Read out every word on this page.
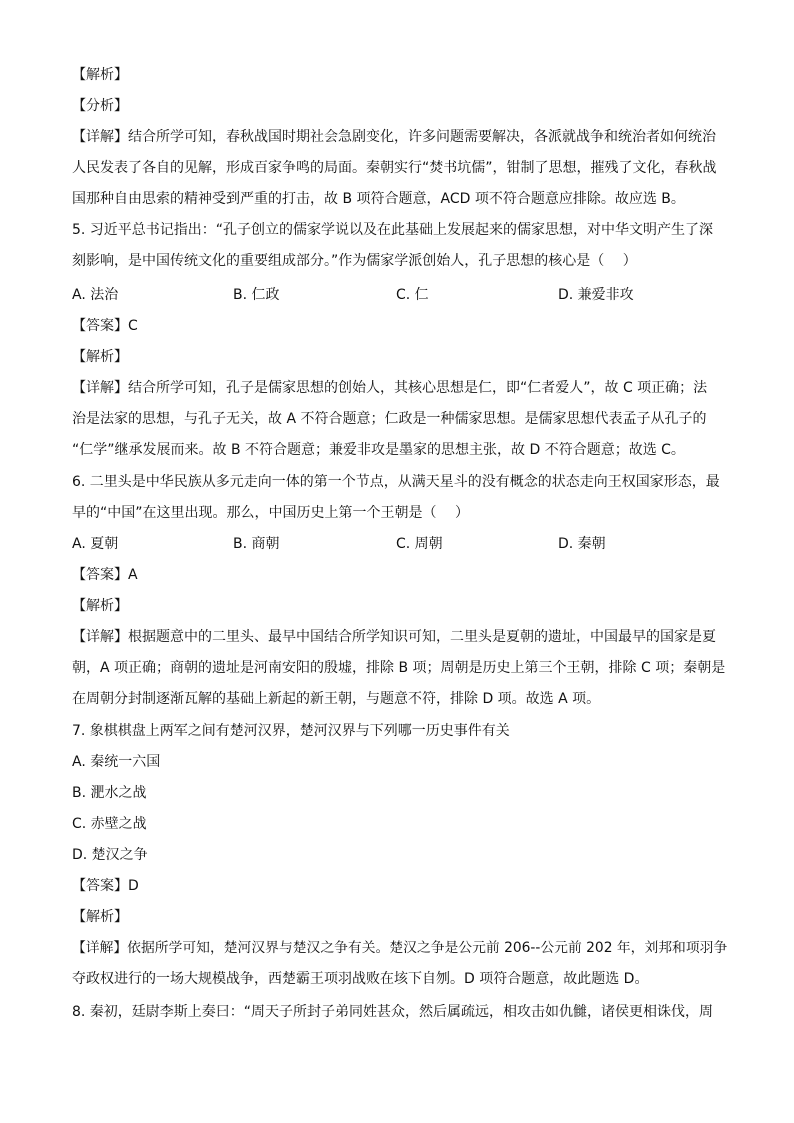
【解析】
【分析】
【详解】结合所学可知，春秋战国时期社会急剧变化，许多问题需要解决，各派就战争和统治者如何统治
人民发表了各自的见解，形成百家争鸣的局面。秦朝实行“焚书坑儒”，钳制了思想，摧残了文化，春秋战
国那种自由思索的精神受到严重的打击，故 B 项符合题意，ACD 项不符合题意应排除。故应选 B。
5. 习近平总书记指出：“孔子创立的儒家学说以及在此基础上发展起来的儒家思想，对中华文明产生了深
刻影响，是中国传统文化的重要组成部分。”作为儒家学派创始人，孔子思想的核心是（　 ）
A. 法治	B. 仁政	C. 仁	D. 兼爱非攻
【答案】C
【解析】
【详解】结合所学可知，孔子是儒家思想的创始人，其核心思想是仁，即“仁者爱人”，故 C 项正确；法
治是法家的思想，与孔子无关，故 A 不符合题意；仁政是一种儒家思想。是儒家思想代表孟子从孔子的
“仁学”继承发展而来。故 B 不符合题意；兼爱非攻是墨家的思想主张，故 D 不符合题意；故选 C。
6. 二里头是中华民族从多元走向一体的第一个节点，从满天星斗的没有概念的状态走向王权国家形态，最
早的“中国”在这里出现。那么，中国历史上第一个王朝是（　 ）
A. 夏朝	B. 商朝	C. 周朝	D. 秦朝
【答案】A
【解析】
【详解】根据题意中的二里头、最早中国结合所学知识可知，二里头是夏朝的遗址，中国最早的国家是夏
朝，A 项正确；商朝的遗址是河南安阳的殷墟，排除 B 项；周朝是历史上第三个王朝，排除 C 项；秦朝是
在周朝分封制逐渐瓦解的基础上新起的新王朝，与题意不符，排除 D 项。故选 A 项。
7. 象棋棋盘上两军之间有楚河汉界，楚河汉界与下列哪一历史事件有关
A. 秦统一六国
B. 淝水之战
C. 赤壁之战
D. 楚汉之争
【答案】D
【解析】
【详解】依据所学可知，楚河汉界与楚汉之争有关。楚汉之争是公元前 206--公元前 202 年，刘邦和项羽争
夺政权进行的一场大规模战争，西楚霸王项羽战败在垓下自刎。D 项符合题意，故此题选 D。
8. 秦初，廷尉李斯上奏曰：“周天子所封子弟同姓甚众，然后属疏远，相攻击如仇雠，诸侯更相诛伐，周
